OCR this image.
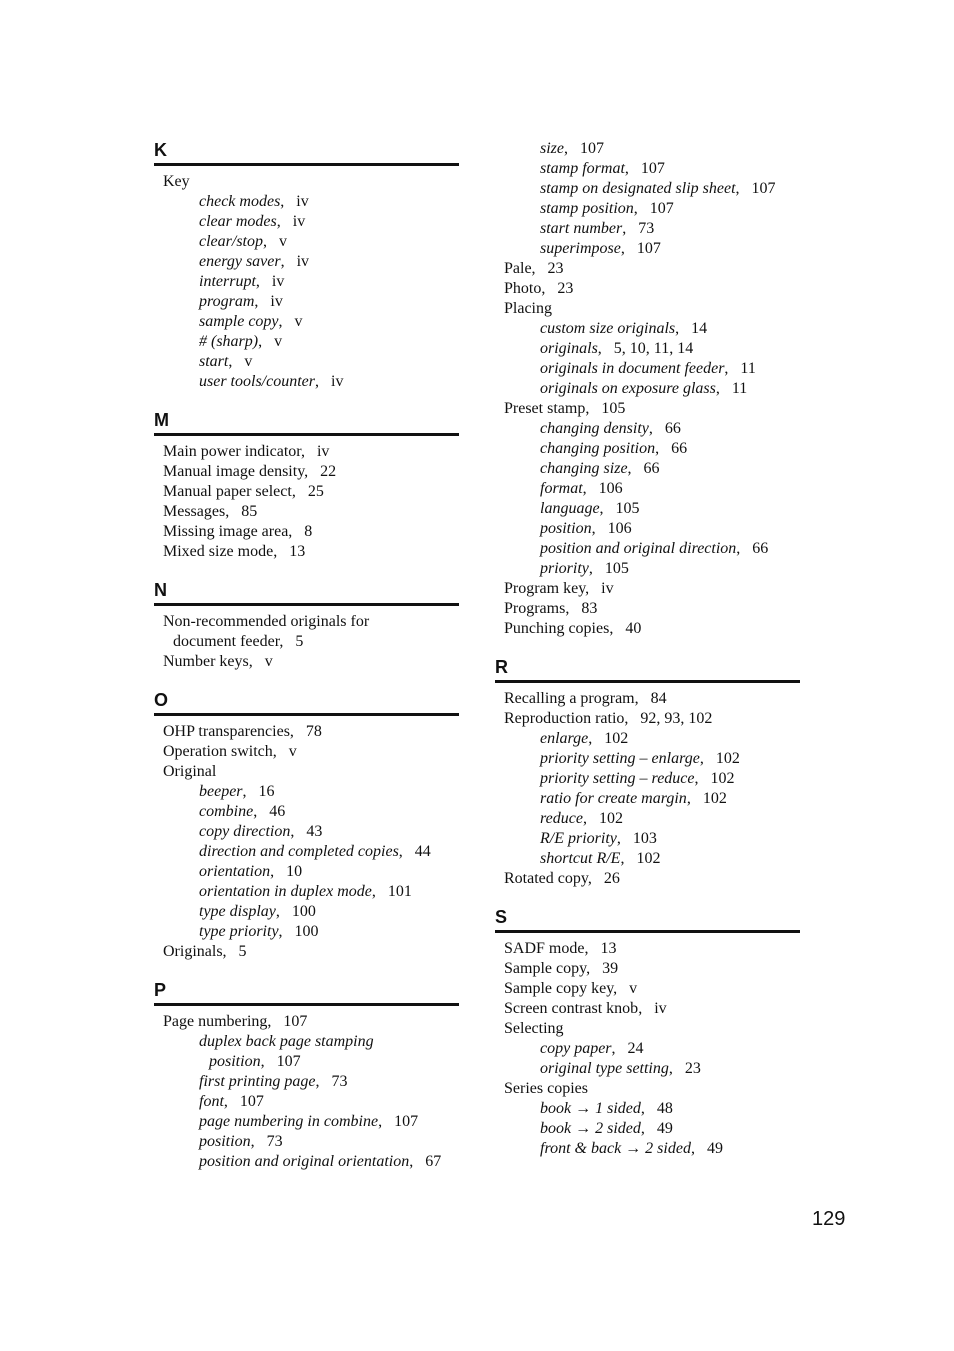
K
Key
check modes,   iv
clear modes,   iv
clear/stop,   v
energy saver,   iv
interrupt,   iv
program,   iv
sample copy,   v
# (sharp),   v
start,   v
user tools/counter,   iv
M
Main power indicator,   iv
Manual image density,   22
Manual paper select,   25
Messages,   85
Missing image area,   8
Mixed size mode,   13
N
Non-recommended originals for
document feeder,   5
Number keys,   v
O
OHP transparencies,   78
Operation switch,   v
Original
beeper,   16
combine,   46
copy direction,   43
direction and completed copies,   44
orientation,   10
orientation in duplex mode,   101
type display,   100
type priority,   100
Originals,   5
P
Page numbering,   107
duplex back page stamping
position,   107
first printing page,   73
font,   107
page numbering in combine,   107
position,   73
position and original orientation,   67
size,   107
stamp format,   107
stamp on designated slip sheet,   107
stamp position,   107
start number,   73
superimpose,   107
Pale,   23
Photo,   23
Placing
custom size originals,   14
originals,   5, 10, 11, 14
originals in document feeder,   11
originals on exposure glass,   11
Preset stamp,   105
changing density,   66
changing position,   66
changing size,   66
format,   106
language,   105
position,   106
position and original direction,   66
priority,   105
Program key,   iv
Programs,   83
Punching copies,   40
R
Recalling a program,   84
Reproduction ratio,   92, 93, 102
enlarge,   102
priority setting – enlarge,   102
priority setting – reduce,   102
ratio for create margin,   102
reduce,   102
R/E priority,   103
shortcut R/E,   102
Rotated copy,   26
S
SADF mode,   13
Sample copy,   39
Sample copy key,   v
Screen contrast knob,   iv
Selecting
copy paper,   24
original type setting,   23
Series copies
book → 1 sided,   48
book → 2 sided,   49
front & back → 2 sided,   49
129
